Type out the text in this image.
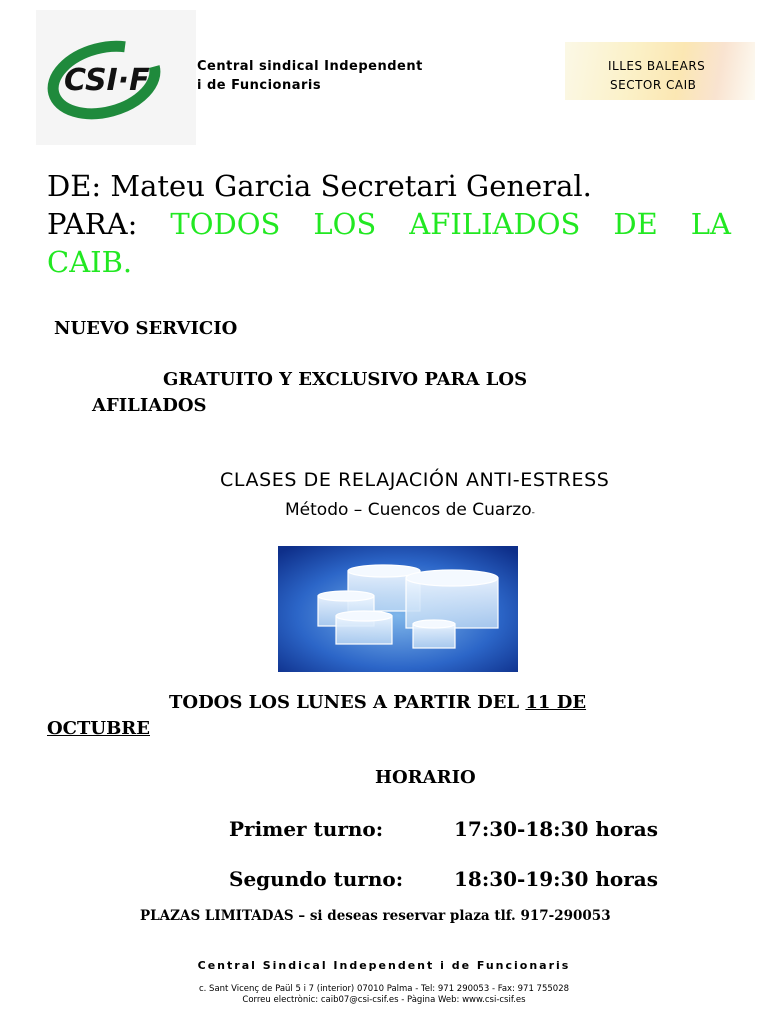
CSI·F	Central sindical Independent
i de Funcionaris
ILLES BALEARS
SECTOR CAIB
DE: Mateu Garcia Secretari General.
PARA: TODOS LOS AFILIADOS DE LA
CAIB.
NUEVO SERVICIO
GRATUITO Y EXCLUSIVO PARA LOS
AFILIADOS
CLASES DE RELAJACIÓN ANTI-ESTRESS
Método – Cuencos de Cuarzo-
TODOS LOS LUNES A PARTIR DEL 11 DE
OCTUBRE
HORARIO
Primer turno:	17:30-18:30 horas
Segundo turno:	18:30-19:30 horas
PLAZAS LIMITADAS – si deseas reservar plaza tlf. 917-290053
Central Sindical Independent i de Funcionaris
c. Sant Vicenç de Paül 5 i 7 (interior) 07010 Palma - Tel: 971 290053 - Fax: 971 755028
Correu electrònic: caib07@csi-csif.es - Pàgina Web: www.csi-csif.es
